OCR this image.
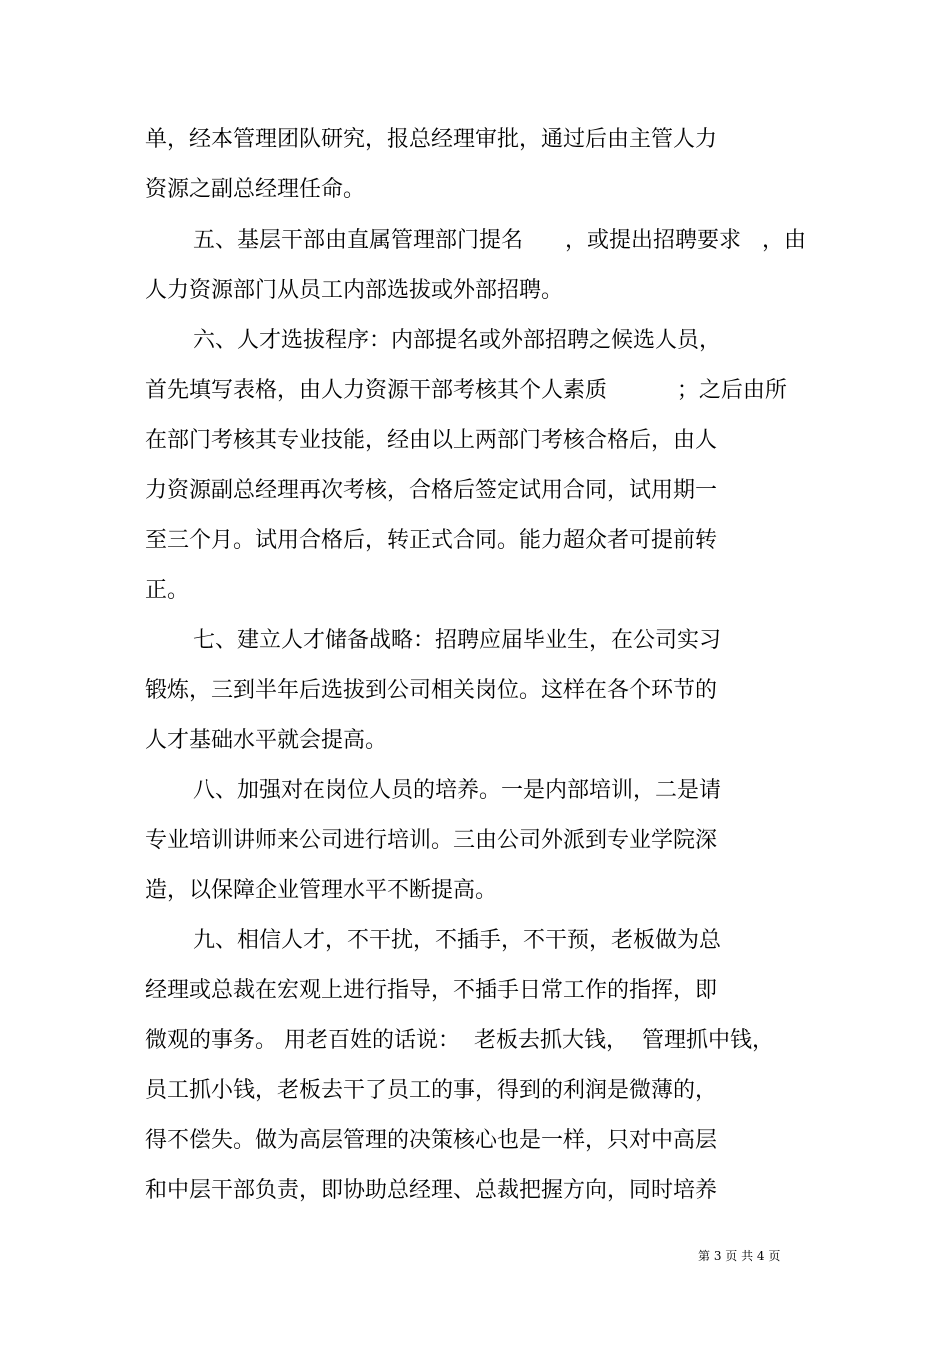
单，经本管理团队研究，报总经理审批，通过后由主管人力
资源之副总经理任命。
五、基层干部由直属管理部门提名      ，或提出招聘要求   ，由
人力资源部门从员工内部选拔或外部招聘。
六、人才选拔程序：内部提名或外部招聘之候选人员，
首先填写表格，由人力资源干部考核其个人素质          ；之后由所
在部门考核其专业技能，经由以上两部门考核合格后，由人
力资源副总经理再次考核，合格后签定试用合同，试用期一
至三个月。试用合格后，转正式合同。能力超众者可提前转
正。
七、建立人才储备战略：招聘应届毕业生，在公司实习
锻炼，三到半年后选拔到公司相关岗位。这样在各个环节的
人才基础水平就会提高。
八、加强对在岗位人员的培养。一是内部培训，二是请
专业培训讲师来公司进行培训。三由公司外派到专业学院深
造，以保障企业管理水平不断提高。
九、相信人才，不干扰，不插手，不干预，老板做为总
经理或总裁在宏观上进行指导，不插手日常工作的指挥，即
微观的事务。 用老百姓的话说：  老板去抓大钱，  管理抓中钱，
员工抓小钱，老板去干了员工的事，得到的利润是微薄的，
得不偿失。做为高层管理的决策核心也是一样，只对中高层
和中层干部负责，即协助总经理、总裁把握方向，同时培养
第 3 页 共 4 页
